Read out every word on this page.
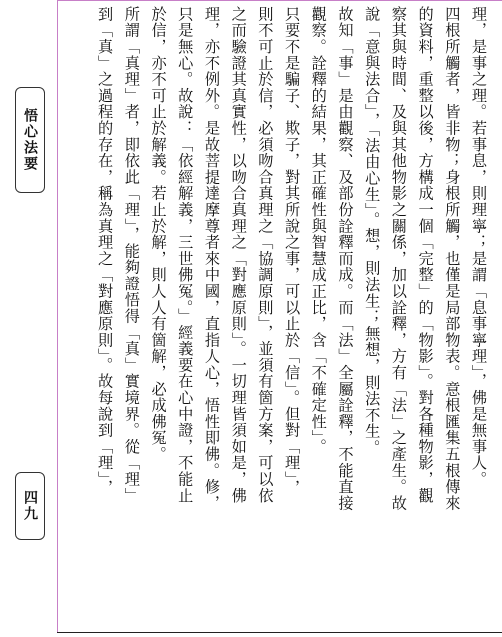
悟心法要
四九

理，是事之理。若事息，則理寧；是謂「息事寧理」，佛是無事人。

四根所觸者，皆非物；身根所觸，也僅是局部物表。意根匯集五根傳來

的資料，重整以後，方構成一個「完整」的「物影」。對各種物影，觀

察其與時間、及與其他物影之關係，加以詮釋，方有「法」之產生。故

說「意與法合」，「法由心生」。想，則法生；無想，則法不生。

故知「事」是由觀察、及部份詮釋而成。而「法」全屬詮釋，不能直接

觀察。詮釋的結果，其正確性與智慧成正比，含「不確定性」。

只要不是騙子、欺子，對其所說之事，可以止於「信」。但對「理」，

則不可止於信，必須吻合真理之「協調原則」，並須有箇方案，可以依

之而驗證其真實性，以吻合真理之「對應原則」。一切理皆須如是，佛

理，亦不例外。是故菩提達摩尊者來中國，直指人心，悟性即佛。修，

只是無心。故說：「依經解義，三世佛冤。」經義要在心中證，不能止

於信，亦不可止於解義。若止於解，則人人有箇解，必成佛冤。

所謂「真理」者，即依此「理」，能夠證悟得「真」實境界。從「理」

到「真」之過程的存在，稱為真理之「對應原則」。故每說到「理」，
